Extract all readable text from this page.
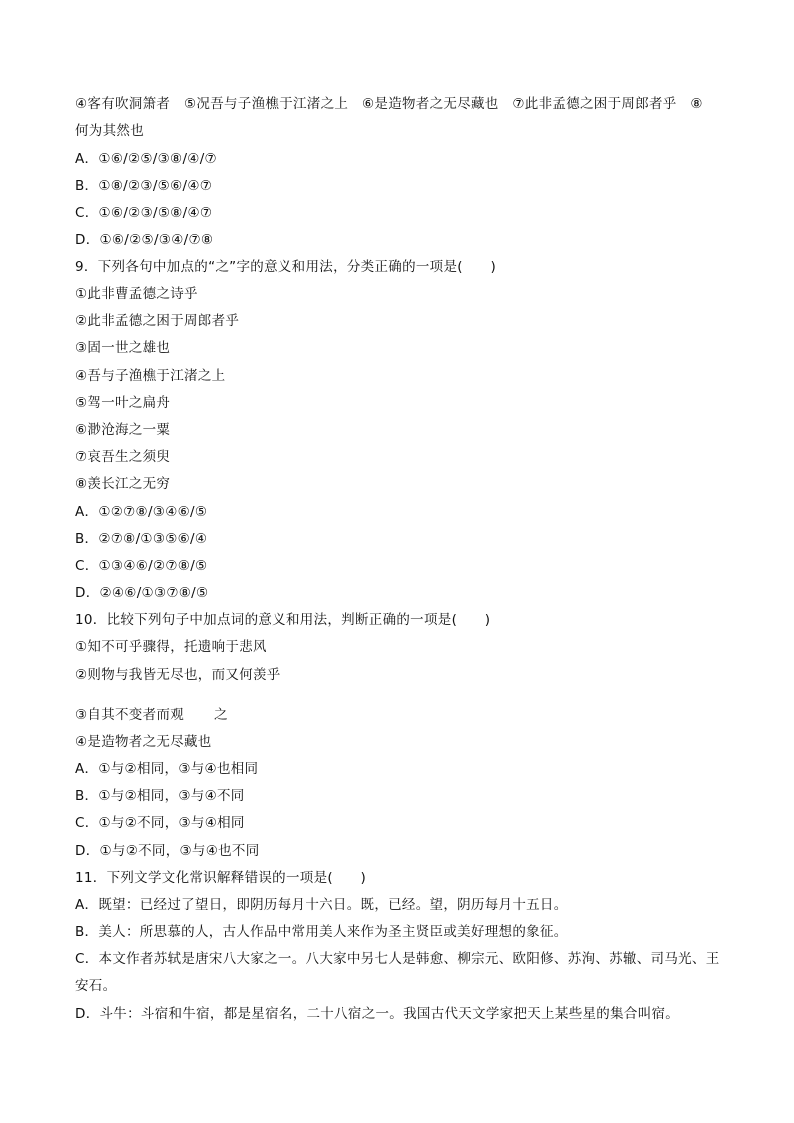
④客有吹洞箫者　⑤况吾与子渔樵于江渚之上　⑥是造物者之无尽藏也　⑦此非孟德之困于周郎者乎　⑧
何为其然也
A．①⑥/②⑤/③⑧/④/⑦
B．①⑧/②③/⑤⑥/④⑦
C．①⑥/②③/⑤⑧/④⑦
D．①⑥/②⑤/③④/⑦⑧
9．下列各句中加点的“之”字的意义和用法，分类正确的一项是(　　)
①此非曹孟德之诗乎
②此非孟德之困于周郎者乎
③固一世之雄也
④吾与子渔樵于江渚之上
⑤驾一叶之扁舟
⑥渺沧海之一粟
⑦哀吾生之须臾
⑧羡长江之无穷
A．①②⑦⑧/③④⑥/⑤
B．②⑦⑧/①③⑤⑥/④
C．①③④⑥/②⑦⑧/⑤
D．②④⑥/①③⑦⑧/⑤
10．比较下列句子中加点词的意义和用法，判断正确的一项是(　　)
①知不可乎骤得，托遗响于悲风
②则物与我皆无尽也，而又何羡乎
③自其不变者而观 之
④是造物者之无尽藏也
A．①与②相同，③与④也相同
B．①与②相同，③与④不同
C．①与②不同，③与④相同
D．①与②不同，③与④也不同
11．下列文学文化常识解释错误的一项是(　　)
A．既望：已经过了望日，即阴历每月十六日。既，已经。望，阴历每月十五日。
B．美人：所思慕的人，古人作品中常用美人来作为圣主贤臣或美好理想的象征。
C．本文作者苏轼是唐宋八大家之一。八大家中另七人是韩愈、柳宗元、欧阳修、苏洵、苏辙、司马光、王
安石。
D．斗牛：斗宿和牛宿，都是星宿名，二十八宿之一。我国古代天文学家把天上某些星的集合叫宿。
